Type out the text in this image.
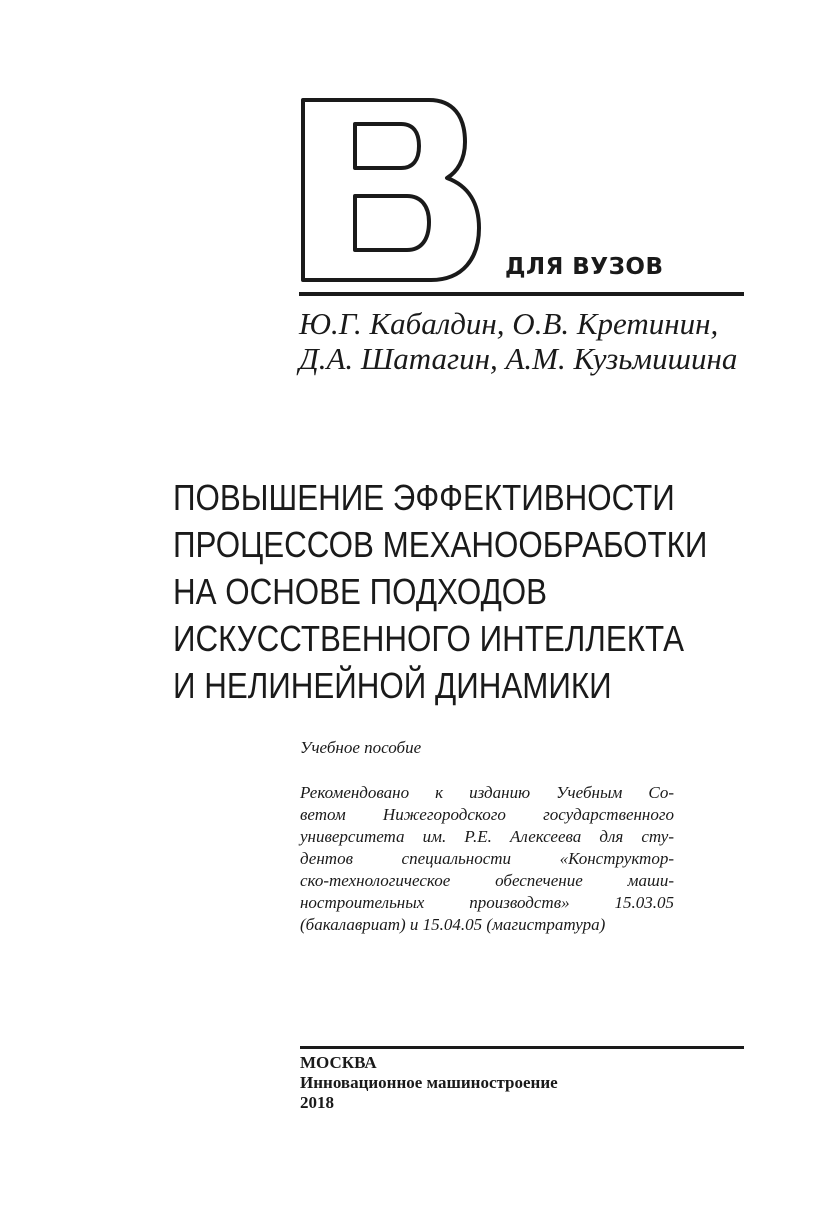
ДЛЯ ВУЗОВ
Ю.Г. Кабалдин, О.В. Кретинин,
Д.А. Шатагин, А.М. Кузьмишина
ПОВЫШЕНИЕ ЭФФЕКТИВНОСТИ
ПРОЦЕССОВ МЕХАНООБРАБОТКИ
НА ОСНОВЕ ПОДХОДОВ
ИСКУССТВЕННОГО ИНТЕЛЛЕКТА
И НЕЛИНЕЙНОЙ ДИНАМИКИ
Учебное пособие
Рекомендовано к изданию Учебным Со-
ветом Нижегородского государственного
университета им. Р.Е. Алексеева для сту-
дентов специальности «Конструктор-
ско-технологическое обеспечение маши-
ностроительных производств» 15.03.05
(бакалавриат) и 15.04.05 (магистратура)
МОСКВА
Инновационное машиностроение
2018
